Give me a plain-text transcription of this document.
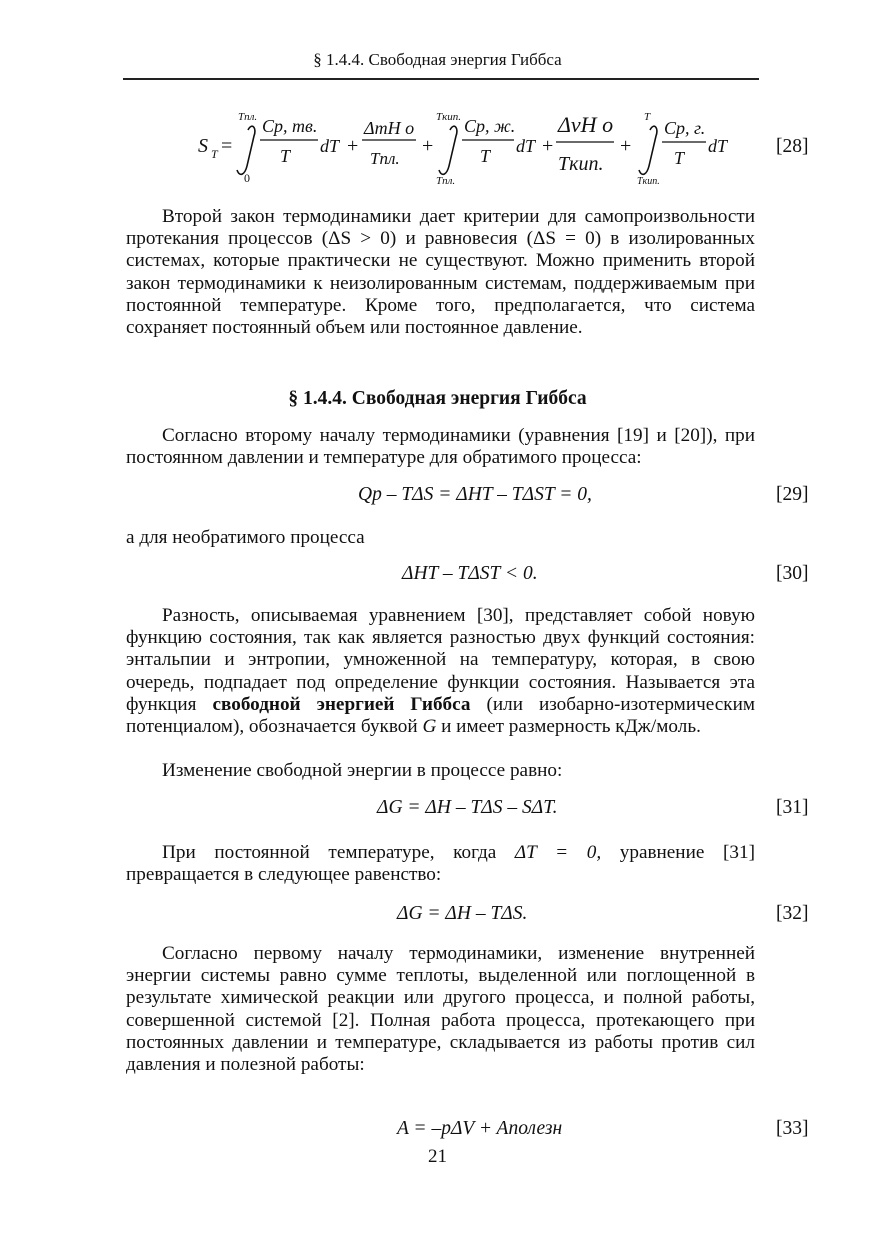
§ 1.4.4. Свободная энергия Гиббса
S T =
Tпл.
0
Cp, тв.
T dT +
ΔmH o
Tпл.
+
Tкип.
Tпл.
Cp, ж.
T dT +
ΔvH o
Tкип.
+
T
Tкип.
Cp, г.
T
dT	[28]
Второй закон термодинамики дает критерии для самопроизвольности протекания процессов (ΔS > 0) и равновесия (ΔS = 0) в изолированных системах, которые практически не существуют. Можно применить второй закон термодинамики к неизолированным системам, поддерживаемым при постоянной температуре. Кроме того, предполагается, что система сохраняет постоянный объем или постоянное давление.
§ 1.4.4. Свободная энергия Гиббса
Согласно второму началу термодинамики (уравнения [19] и [20]), при постоянном давлении и температуре для обратимого процесса:
Qp – TΔS = ΔHT – TΔST = 0,	[29]
а для необратимого процесса
ΔHT – TΔST < 0.	[30]
Разность, описываемая уравнением [30], представляет собой новую функцию состояния, так как является разностью двух функций состояния: энтальпии и энтропии, умноженной на температуру, которая, в свою очередь, подпадает под определение функции состояния. Называется эта функция свободной энергией Гиббса (или изобарно-изотермическим потенциалом), обозначается буквой G и имеет размерность кДж/моль.
Изменение свободной энергии в процессе равно:
ΔG = ΔH – TΔS – SΔT.	[31]
При постоянной температуре, когда ΔT = 0, уравнение [31] превращается в следующее равенство:
ΔG = ΔH – TΔS.	[32]
Согласно первому началу термодинамики, изменение внутренней энергии системы равно сумме теплоты, выделенной или поглощенной в результате химической реакции или другого процесса, и полной работы, совершенной системой [2]. Полная работа процесса, протекающего при постоянных давлении и температуре, складывается из работы против сил давления и полезной работы:
A = –pΔV + Aполезн	[33]
21
